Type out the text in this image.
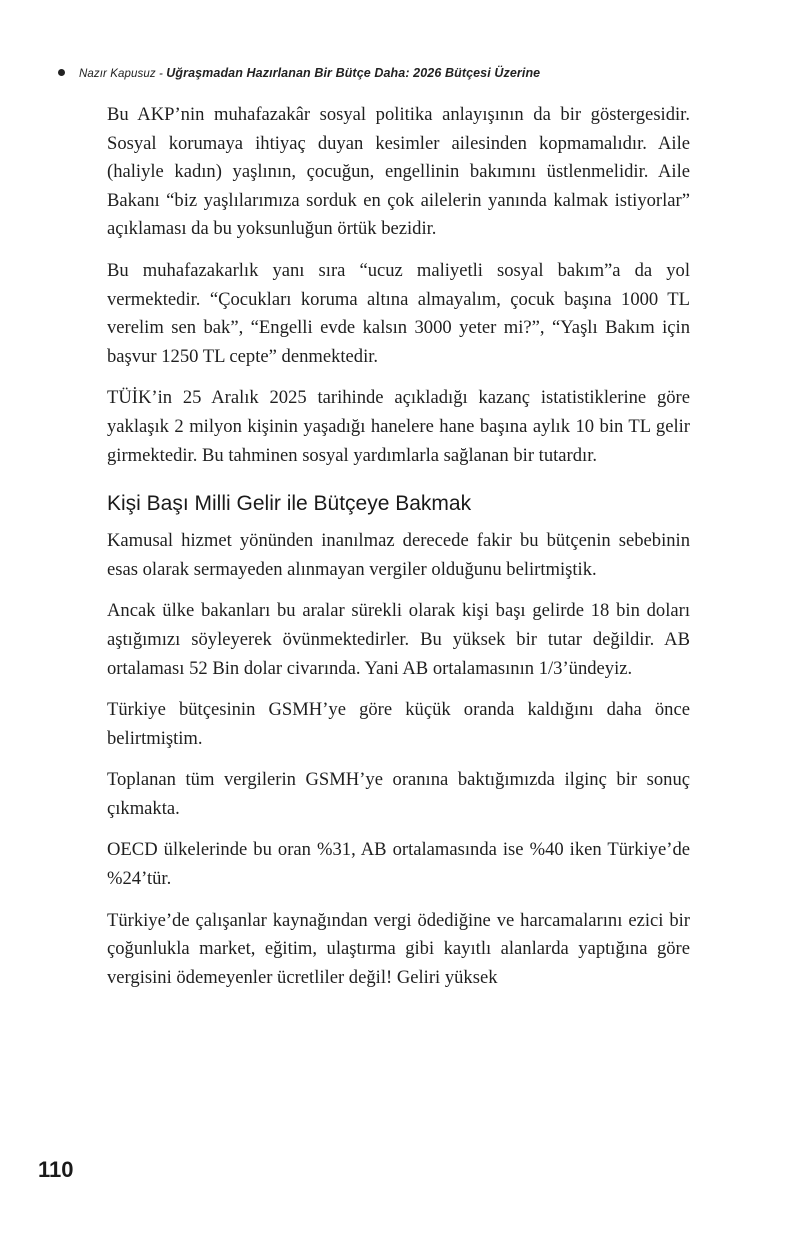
Nazır Kapusuz - Uğraşmadan Hazırlanan Bir Bütçe Daha: 2026 Bütçesi Üzerine

Bu AKP’nin muhafazakâr sosyal politika anlayışının da bir göstergesidir. Sosyal korumaya ihtiyaç duyan kesimler ailesinden kopmamalıdır. Aile (haliyle kadın) yaşlının, çocuğun, engellinin bakımını üstlenmelidir. Aile Bakanı “biz yaşlılarımıza sorduk en çok ailelerin yanında kalmak istiyorlar” açıklaması da bu yoksunluğun örtük bezidir.

Bu muhafazakarlık yanı sıra “ucuz maliyetli sosyal bakım”a da yol vermektedir. “Çocukları koruma altına almayalım, çocuk başına 1000 TL verelim sen bak”, “Engelli evde kalsın 3000 yeter mi?”, “Yaşlı Bakım için başvur 1250 TL cepte” denmektedir.

TÜİK’in 25 Aralık 2025 tarihinde açıkladığı kazanç istatistiklerine göre yaklaşık 2 milyon kişinin yaşadığı hanelere hane başına aylık 10 bin TL gelir girmektedir. Bu tahminen sosyal yardımlarla sağlanan bir tutardır.

Kişi Başı Milli Gelir ile Bütçeye Bakmak

Kamusal hizmet yönünden inanılmaz derecede fakir bu bütçenin sebebinin esas olarak sermayeden alınmayan vergiler olduğunu belirtmiştik.

Ancak ülke bakanları bu aralar sürekli olarak kişi başı gelirde 18 bin doları aştığımızı söyleyerek övünmektedirler. Bu yüksek bir tutar değildir. AB ortalaması 52 Bin dolar civarında. Yani AB ortalamasının 1/3’ündeyiz.

Türkiye bütçesinin GSMH’ye göre küçük oranda kaldığını daha önce belirtmiştim.

Toplanan tüm vergilerin GSMH’ye oranına baktığımızda ilginç bir sonuç çıkmakta.

OECD ülkelerinde bu oran %31, AB ortalamasında ise %40 iken Türkiye’de %24’tür.

Türkiye’de çalışanlar kaynağından vergi ödediğine ve harcamalarını ezici bir çoğunlukla market, eğitim, ulaştırma gibi kayıtlı alanlarda yaptığına göre vergisini ödemeyenler ücretliler değil! Geliri yüksek

110
